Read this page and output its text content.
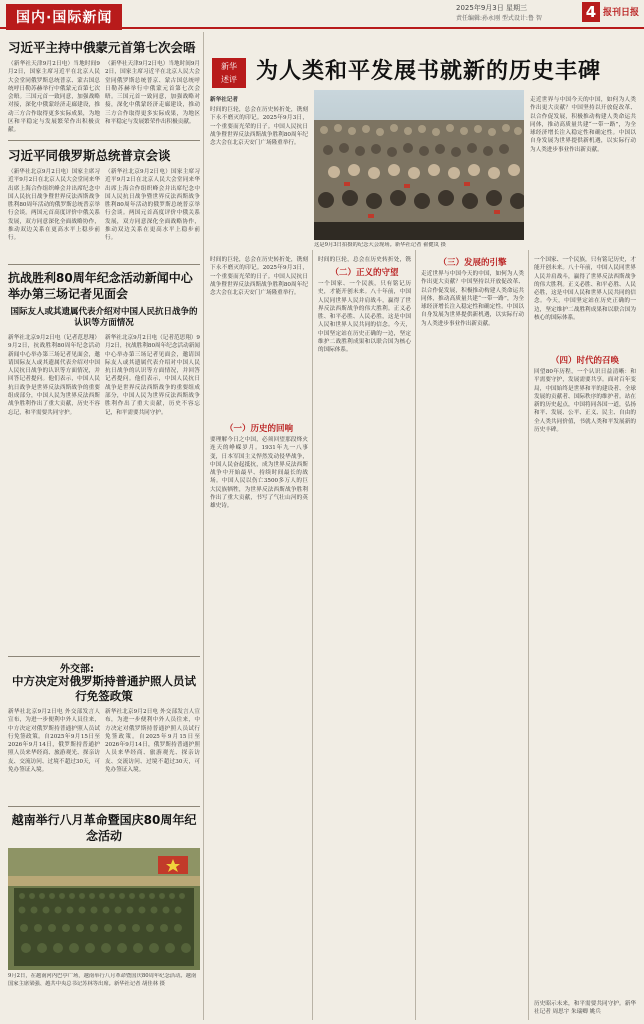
国内·国际新闻
2025年9月3日 星期三
责任编辑:孙永刚 型式设计:鲁 智	4 报刊日报
习近平主持中俄蒙元首第七次会晤
（新华社天津9月2日电）当地时间9月2日，国家主席习近平在北京人民大会堂同俄罗斯总统普京、蒙古国总统呼日勒苏赫举行中俄蒙元首第七次会晤。三国元首一致同意，加强战略对接，深化中俄蒙经济走廊建设，推动三方合作取得更多实际成果，为地区和平稳定与发展繁荣作出积极贡献。
（新华社天津9月2日电）当地时间9月2日，国家主席习近平在北京人民大会堂同俄罗斯总统普京、蒙古国总统呼日勒苏赫举行中俄蒙元首第七次会晤。三国元首一致同意，加强战略对接，深化中俄蒙经济走廊建设，推动三方合作取得更多实际成果，为地区和平稳定与发展繁荣作出积极贡献。
习近平同俄罗斯总统普京会谈
（新华社北京9月2日电）国家主席习近平9月2日在北京人民大会堂同来华出席上海合作组织峰会并出席纪念中国人民抗日战争暨世界反法西斯战争胜利80周年活动的俄罗斯总统普京举行会谈。两国元首高度评价中俄关系发展，双方同意深化全面战略协作，推动双边关系在更高水平上稳步前行。
（新华社北京9月2日电）国家主席习近平9月2日在北京人民大会堂同来华出席上海合作组织峰会并出席纪念中国人民抗日战争暨世界反法西斯战争胜利80周年活动的俄罗斯总统普京举行会谈。两国元首高度评价中俄关系发展，双方同意深化全面战略协作，推动双边关系在更高水平上稳步前行。
抗战胜利80周年纪念活动新闻中心举办第三场记者见面会
国际友人或其遗属代表介绍对中国人民抗日战争的认识等方面情况
新华社北京9月2日电（记者范思翔）9月2日，抗战胜利80周年纪念活动新闻中心举办第三场记者见面会，邀请国际友人或其遗属代表介绍对中国人民抗日战争的认识等方面情况，并回答记者提问。他们表示，中国人民抗日战争是世界反法西斯战争的重要组成部分，中国人民为世界反法西斯战争胜利作出了重大贡献，历史不容忘记，和平需要共同守护。
新华社北京9月2日电（记者范思翔）9月2日，抗战胜利80周年纪念活动新闻中心举办第三场记者见面会，邀请国际友人或其遗属代表介绍对中国人民抗日战争的认识等方面情况，并回答记者提问。他们表示，中国人民抗日战争是世界反法西斯战争的重要组成部分，中国人民为世界反法西斯战争胜利作出了重大贡献，历史不容忘记，和平需要共同守护。
外交部:
中方决定对俄罗斯持普通护照人员试行免签政策
新华社北京9月2日电 外交部发言人宣布，为进一步便利中外人员往来，中方决定对俄罗斯持普通护照人员试行免签政策。自2025年9月15日至2026年9月14日，俄罗斯持普通护照人员来华经商、旅游观光、探亲访友、交流访问、过境不超过30天，可免办签证入境。
新华社北京9月2日电 外交部发言人宣布，为进一步便利中外人员往来，中方决定对俄罗斯持普通护照人员试行免签政策。自2025年9月15日至2026年9月14日，俄罗斯持普通护照人员来华经商、旅游观光、探亲访友、交流访问、过境不超过30天，可免办签证入境。
越南举行八月革命暨国庆80周年纪念活动
9月2日，在越南河内巴亭广场，越南举行八月革命暨国庆80周年纪念活动。越南国家主席梁强、越共中央总书记苏林等出席。新华社记者 胡佳林 摄
新华
述评 为人类和平发展书就新的历史丰碑
新华社记者
时间的巨轮，总会在历史转折处，镌刻下永不磨灭的印记。2025年9月3日，一个重要而光荣的日子。中国人民抗日战争暨世界反法西斯战争胜利80周年纪念大会在北京天安门广场隆重举行。
这是9月3日拍摄的纪念大会现场。新华社记者 翟健岚 摄
走近世界与中国今天的中国，如何为人类作出更大贡献？中国坚持以开放促改革、以合作促发展，积极推动构建人类命运共同体，推动高质量共建“一带一路”，为全球经济增长注入稳定性和确定性。中国以自身发展为世界提供新机遇，以实际行动为人类进步事业作出新贡献。
时间的巨轮，总会在历史转折处，镌刻下永不磨灭的印记。2025年9月3日，一个重要而光荣的日子。中国人民抗日战争暨世界反法西斯战争胜利80周年纪念大会在北京天安门广场隆重举行。
（一）历史的回响
要理解今日之中国，必须回望那段烽火连天的峥嵘岁月。1931年九一八事变，日本军国主义悍然发动侵华战争，中国人民奋起抵抗，成为世界反法西斯战争中开始最早、持续时间最长的战场。中国人民以伤亡3500多万人的巨大民族牺牲，为世界反法西斯战争胜利作出了重大贡献，书写了气壮山河的英雄史诗。
时间的巨轮，总会在历史转折处，镌
（二）正义的守望
一个国家、一个民族，只有铭记历史，才能开创未来。八十年前，中国人民同世界人民并肩战斗，赢得了世界反法西斯战争的伟大胜利。正义必胜、和平必胜、人民必胜，这是中国人民和世界人民共同的信念。今天，中国坚定站在历史正确的一边，坚定维护二战胜利成果和以联合国为核心的国际体系。
（三）发展的引擎
走近世界与中国今天的中国，如何为人类作出更大贡献？中国坚持以开放促改革、以合作促发展，积极推动构建人类命运共同体，推动高质量共建“一带一路”，为全球经济增长注入稳定性和确定性。中国以自身发展为世界提供新机遇，以实际行动为人类进步事业作出新贡献。
一个国家、一个民族，只有铭记历史，才能开创未来。八十年前，中国人民同世界人民并肩战斗，赢得了世界反法西斯战争的伟大胜利。正义必胜、和平必胜、人民必胜，这是中国人民和世界人民共同的信念。今天，中国坚定站在历史正确的一边，坚定维护二战胜利成果和以联合国为核心的国际体系。
（四）时代的召唤
回望80年历程，一个认识日益清晰：和平需要守护，发展需要共享。面对百年变局，中国始终是世界和平的建设者、全球发展的贡献者、国际秩序的维护者。站在新的历史起点，中国将同各国一道，弘扬和平、发展、公平、正义、民主、自由的全人类共同价值，书就人类和平发展新的历史丰碑。
历史昭示未来，和平需要共同守护。新华社记者 周思宇 朱瑞卿 姚兵
